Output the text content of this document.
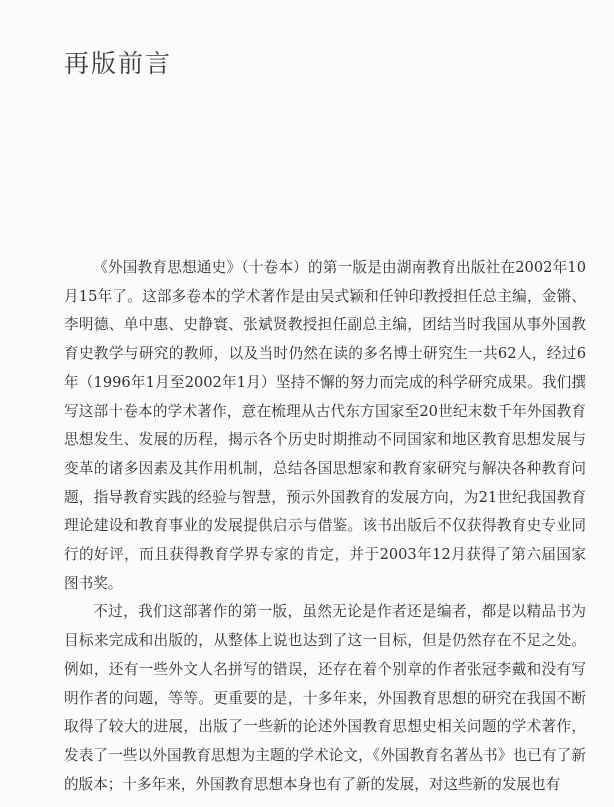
再版前言

《外国教育思想通史》（十卷本）的第一版是由湖南教育出版社在2002年10月15年了。这部多卷本的学术著作是由吴式颖和任钟印教授担任总主编，金锵、李明德、单中惠、史静寰、张斌贤教授担任副总主编，团结当时我国从事外国教育史教学与研究的教师，以及当时仍然在读的多名博士研究生一共62人，经过6年（1996年1月至2002年1月）坚持不懈的努力而完成的科学研究成果。我们撰写这部十卷本的学术著作，意在梳理从古代东方国家至20世纪末数千年外国教育思想发生、发展的历程，揭示各个历史时期推动不同国家和地区教育思想发展与变革的诸多因素及其作用机制，总结各国思想家和教育家研究与解决各种教育问题，指导教育实践的经验与智慧，预示外国教育的发展方向，为21世纪我国教育理论建设和教育事业的发展提供启示与借鉴。该书出版后不仅获得教育史专业同行的好评，而且获得教育学界专家的肯定，并于2003年12月获得了第六届国家图书奖。

不过，我们这部著作的第一版，虽然无论是作者还是编者，都是以精品书为目标来完成和出版的，从整体上说也达到了这一目标，但是仍然存在不足之处。例如，还有一些外文人名拼写的错误，还存在着个别章的作者张冠李戴和没有写明作者的问题，等等。更重要的是，十多年来，外国教育思想的研究在我国不断取得了较大的进展，出版了一些新的论述外国教育思想史相关问题的学术著作，发表了一些以外国教育思想为主题的学术论文，《外国教育名著丛书》也已有了新的版本；十多年来，外国教育思想本身也有了新的发展，对这些新的发展也有
